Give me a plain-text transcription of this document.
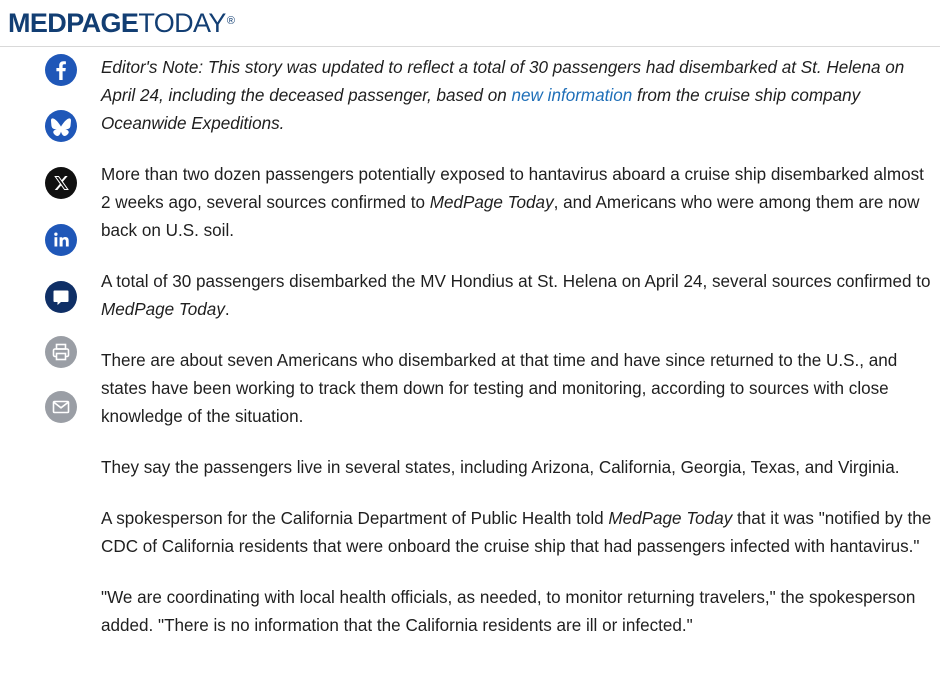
MEDPAGETODAY®

Editor's Note: This story was updated to reflect a total of 30 passengers had disembarked at St. Helena on April 24, including the deceased passenger, based on new information from the cruise ship company Oceanwide Expeditions.

More than two dozen passengers potentially exposed to hantavirus aboard a cruise ship disembarked almost 2 weeks ago, several sources confirmed to MedPage Today, and Americans who were among them are now back on U.S. soil.

A total of 30 passengers disembarked the MV Hondius at St. Helena on April 24, several sources confirmed to MedPage Today.

There are about seven Americans who disembarked at that time and have since returned to the U.S., and states have been working to track them down for testing and monitoring, according to sources with close knowledge of the situation.

They say the passengers live in several states, including Arizona, California, Georgia, Texas, and Virginia.

A spokesperson for the California Department of Public Health told MedPage Today that it was "notified by the CDC of California residents that were onboard the cruise ship that had passengers infected with hantavirus."

"We are coordinating with local health officials, as needed, to monitor returning travelers," the spokesperson added. "There is no information that the California residents are ill or infected."
